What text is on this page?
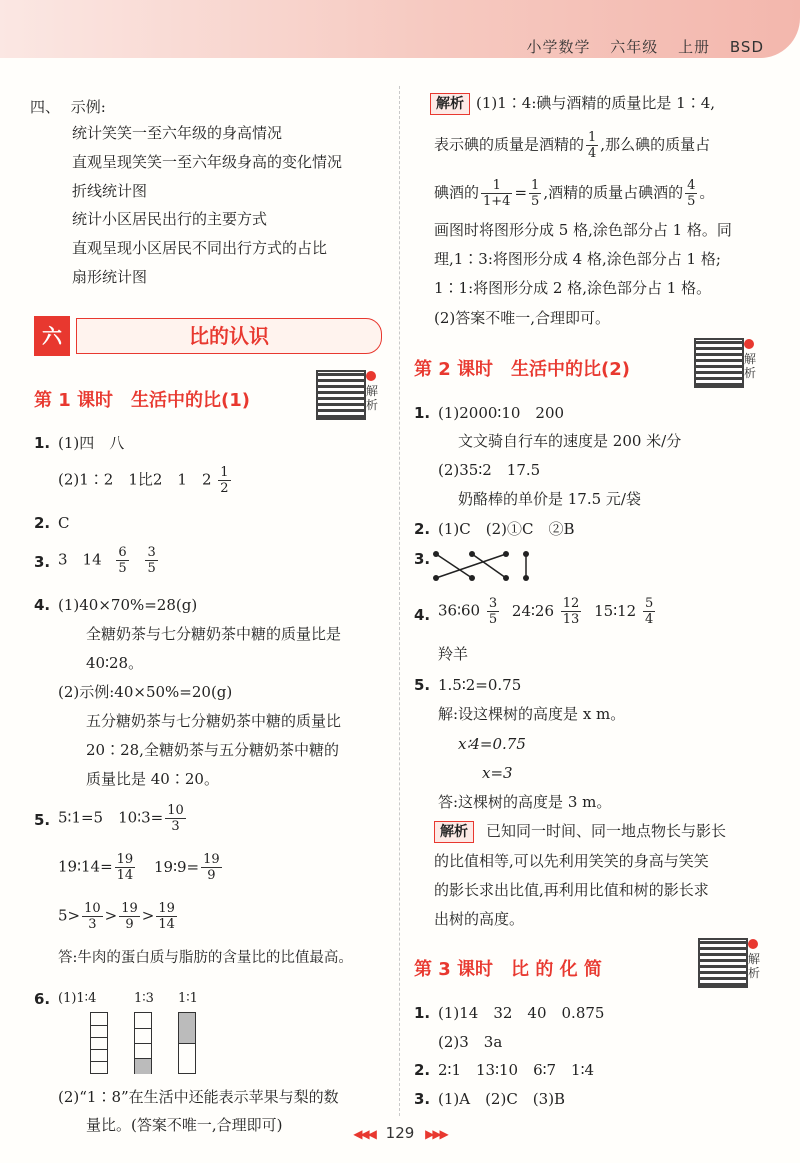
小学数学 六年级 上册 BSD
四、 示例:
统计笑笑一至六年级的身高情况
直观呈现笑笑一至六年级身高的变化情况
折线统计图
统计小区居民出行的主要方式
直观呈现小区居民不同出行方式的占比
扇形统计图
六	比的认识
第 1 课时　生活中的比(1)	解
析
1. (1)四　八
(2)1∶2　1比2　1　$2 \frac{1}{2}$
2. C
3. 3　$14 \frac{6}{5}$
$\frac{3}{5}$
4. (1)40×70%=28(g)
全糖奶茶与七分糖奶茶中糖的质量比是
40∶28。
(2)示例:40×50%=20(g)
五分糖奶茶与七分糖奶茶中糖的质量比
20∶28,全糖奶茶与五分糖奶茶中糖的
质量比是 40∶20。
5. 5∶1=5　10∶3= $\frac{10}{3}$
19∶14= $\frac{19}{14}$ 19∶9= $\frac{19}{9}$
$5> \frac{10}{3} > \frac{19}{9} > \frac{19}{14}$
答:牛肉的蛋白质与脂肪的含量比的比值最高。
6. (1)1∶4	1∶3 1∶1
(2)“1∶8”在生活中还能表示苹果与梨的数
量比。(答案不唯一,合理即可)
解析 (1)1∶4:碘与酒精的质量比是 1∶4,
表示碘的质量是酒精的 $\frac{1}{4}$ ,那么碘的质量占
碘酒的 $\frac{1}{1+4} = \frac{1}{5}$ ,酒精的质量占碘酒的 $\frac{4}{5}$ 。
画图时将图形分成 5 格,涂色部分占 1 格。同
理,1∶3:将图形分成 4 格,涂色部分占 1 格;
1∶1:将图形分成 2 格,涂色部分占 1 格。
(2)答案不唯一,合理即可。
第 2 课时　生活中的比(2)	解
析
1. (1)2000∶10　200
文文骑自行车的速度是 200 米/分
(2)35∶2　17.5
奶酪棒的单价是 17.5 元/袋
2. (1)C　(2)①C　②B
3.
4. 36∶60 $\frac{3}{5}$ 24∶26 $\frac{12}{13}$ 15∶12 $\frac{5}{4}$
羚羊
5. 1.5∶2=0.75
解:设这棵树的高度是 x m。
x∶4=0.75
x=3
答:这棵树的高度是 3 m。
解析 已知同一时间、同一地点物长与影长
的比值相等,可以先利用笑笑的身高与笑笑
的影长求出比值,再利用比值和树的影长求
出树的高度。
第 3 课时　比 的 化 简	解
析
1. (1)14　32　40　0.875
(2)3　3a
2. 2∶1　13∶10　6∶7　1∶4
3. (1)A　(2)C　(3)B
◀◀◀ 129 ▶▶▶
